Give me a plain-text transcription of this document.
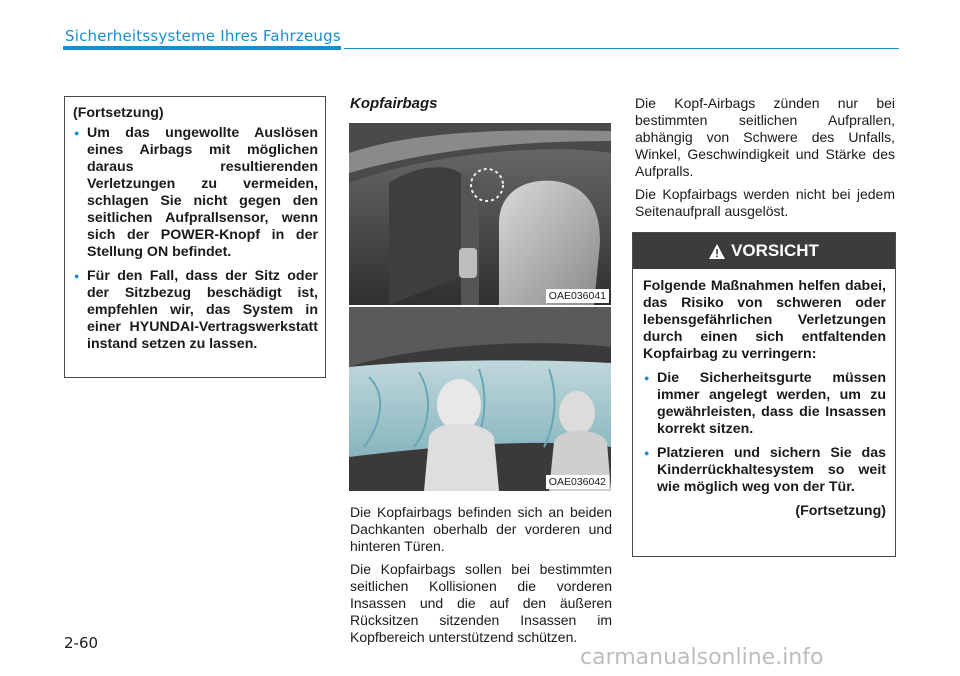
Sicherheitssysteme Ihres Fahrzeugs
(Fortsetzung)
● Um das ungewollte Auslösen eines Airbags mit möglichen daraus resultierenden Verletzungen zu vermeiden, schlagen Sie nicht gegen den seitlichen Aufprallsensor, wenn sich der POWER-Knopf in der Stellung ON befindet.
● Für den Fall, dass der Sitz oder der Sitzbezug beschädigt ist, empfehlen wir, das System in einer HYUNDAI-Vertragswerkstatt instand setzen zu lassen.
Kopfairbags
OAE036041
OAE036042

Die Kopfairbags befinden sich an beiden Dachkanten oberhalb der vorderen und hinteren Türen.

Die Kopfairbags sollen bei bestimmten seitlichen Kollisionen die vorderen Insassen und die auf den äußeren Rücksitzen sitzenden Insassen im Kopfbereich unterstützend schützen.

Die Kopf-Airbags zünden nur bei bestimmten seitlichen Aufprallen, abhängig von Schwere des Unfalls, Winkel, Geschwindigkeit und Stärke des Aufpralls.

Die Kopfairbags werden nicht bei jedem Seitenaufprall ausgelöst.

VORSICHT
Folgende Maßnahmen helfen dabei, das Risiko von schweren oder lebensgefährlichen Verletzungen durch einen sich entfaltenden Kopfairbag zu verringern:
● Die Sicherheitsgurte müssen immer angelegt werden, um zu gewährleisten, dass die Insassen korrekt sitzen.
● Platzieren und sichern Sie das Kinderrückhaltesystem so weit wie möglich weg von der Tür.
(Fortsetzung)
2-60
carmanualsonline.info
